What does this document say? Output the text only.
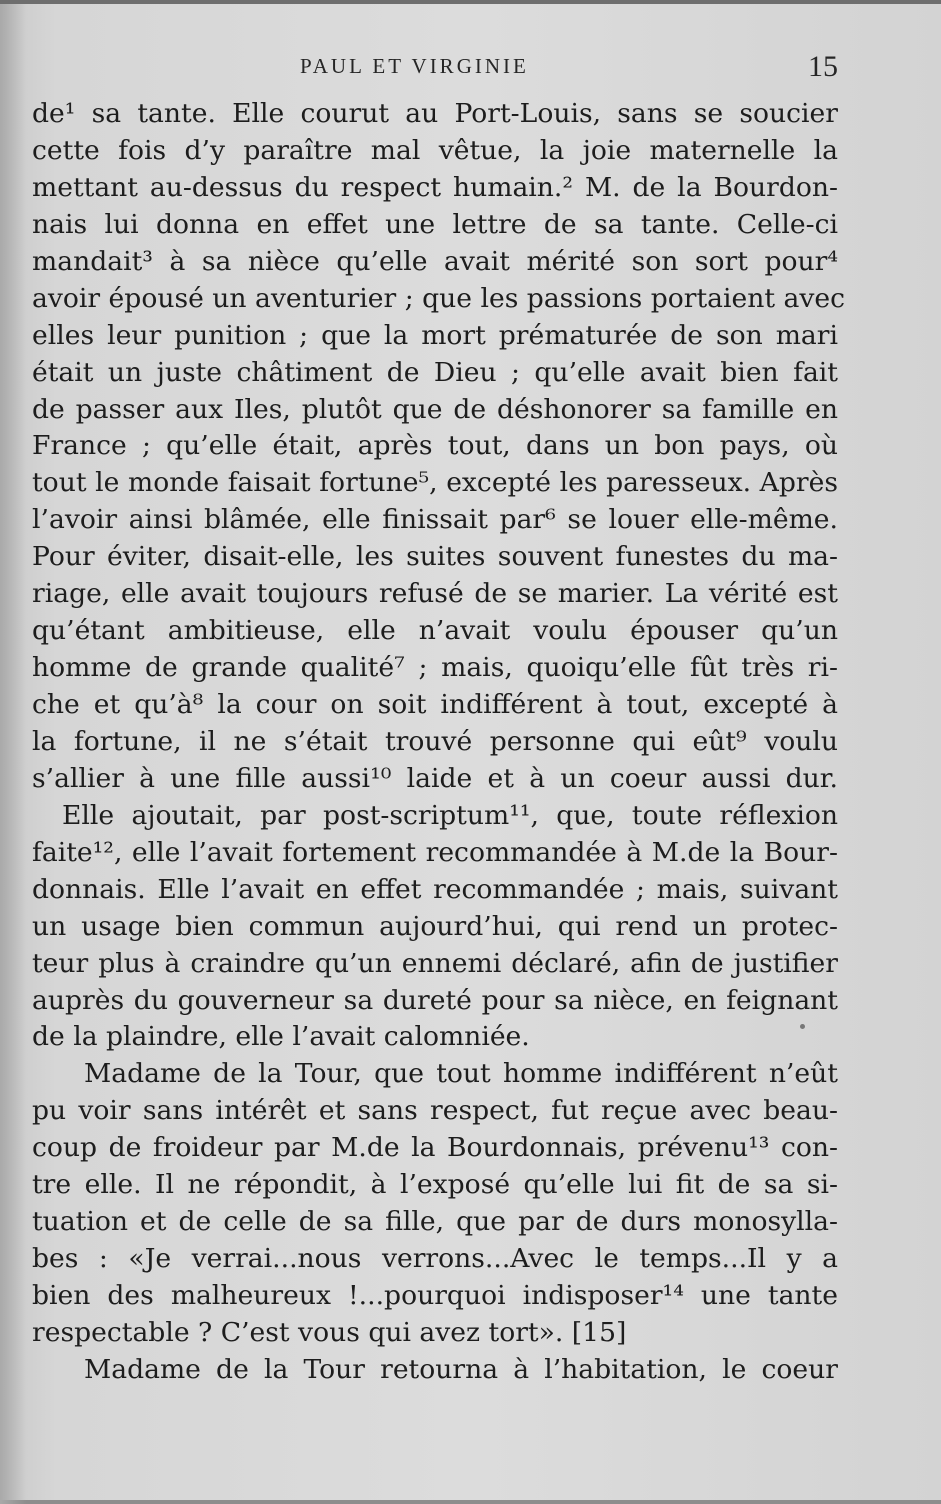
PAUL ET VIRGINIE	15
de¹ sa tante. Elle courut au Port-Louis, sans se soucier
cette fois d’y paraître mal vêtue, la joie maternelle la
mettant au-dessus du respect humain.² M. de la Bourdon-
nais lui donna en effet une lettre de sa tante. Celle-ci
mandait³ à sa nièce qu’elle avait mérité son sort pour⁴
avoir épousé un aventurier ; que les passions portaient avec
elles leur punition ; que la mort prématurée de son mari
était un juste châtiment de Dieu ; qu’elle avait bien fait
de passer aux Iles, plutôt que de déshonorer sa famille en
France ; qu’elle était, après tout, dans un bon pays, où
tout le monde faisait fortune⁵, excepté les paresseux. Après
l’avoir ainsi blâmée, elle finissait par⁶ se louer elle-même.
Pour éviter, disait-elle, les suites souvent funestes du ma-
riage, elle avait toujours refusé de se marier. La vérité est
qu’étant ambitieuse, elle n’avait voulu épouser qu’un
homme de grande qualité⁷ ; mais, quoiqu’elle fût très ri-
che et qu’à⁸ la cour on soit indifférent à tout, excepté à
la fortune, il ne s’était trouvé personne qui eût⁹ voulu
s’allier à une fille aussi¹⁰ laide et à un coeur aussi dur.
Elle ajoutait, par post-scriptum¹¹, que, toute réflexion
faite¹², elle l’avait fortement recommandée à M.de la Bour-
donnais. Elle l’avait en effet recommandée ; mais, suivant
un usage bien commun aujourd’hui, qui rend un protec-
teur plus à craindre qu’un ennemi déclaré, afin de justifier
auprès du gouverneur sa dureté pour sa nièce, en feignant
de la plaindre, elle l’avait calomniée.
Madame de la Tour, que tout homme indifférent n’eût
pu voir sans intérêt et sans respect, fut reçue avec beau-
coup de froideur par M.de la Bourdonnais, prévenu¹³ con-
tre elle. Il ne répondit, à l’exposé qu’elle lui fit de sa si-
tuation et de celle de sa fille, que par de durs monosylla-
bes : «Je verrai...nous verrons...Avec le temps...Il y a
bien des malheureux !...pourquoi indisposer¹⁴ une tante
respectable ? C’est vous qui avez tort». [15]
Madame de la Tour retourna à l’habitation, le coeur
